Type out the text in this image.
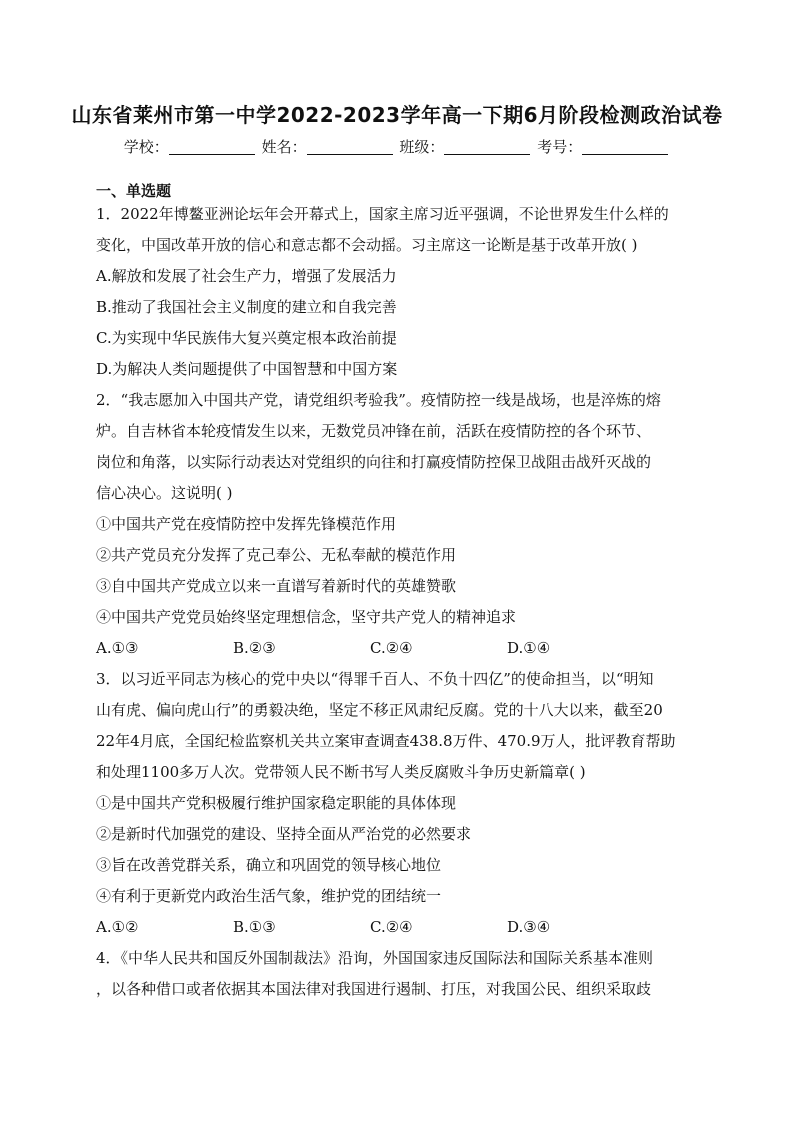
山东省莱州市第一中学2022-2023学年高一下期6月阶段检测政治试卷
学校：	姓名：	班级：	考号：
一、单选题
1．2022年博鳌亚洲论坛年会开幕式上，国家主席习近平强调，不论世界发生什么样的
变化，中国改革开放的信心和意志都不会动摇。习主席这一论断是基于改革开放( )
A.解放和发展了社会生产力，增强了发展活力
B.推动了我国社会主义制度的建立和自我完善
C.为实现中华民族伟大复兴奠定根本政治前提
D.为解决人类问题提供了中国智慧和中国方案
2．“我志愿加入中国共产党，请党组织考验我”。疫情防控一线是战场，也是淬炼的熔
炉。自吉林省本轮疫情发生以来，无数党员冲锋在前，活跃在疫情防控的各个环节、
岗位和角落，以实际行动表达对党组织的向往和打赢疫情防控保卫战阻击战歼灭战的
信心决心。这说明( )
①中国共产党在疫情防控中发挥先锋模范作用
②共产党员充分发挥了克己奉公、无私奉献的模范作用
③自中国共产党成立以来一直谱写着新时代的英雄赞歌
④中国共产党党员始终坚定理想信念，坚守共产党人的精神追求
A.①③	B.②③	C.②④	D.①④
3．以习近平同志为核心的党中央以“得罪千百人、不负十四亿”的使命担当，以“明知
山有虎、偏向虎山行”的勇毅决绝，坚定不移正风肃纪反腐。党的十八大以来，截至20
22年4月底，全国纪检监察机关共立案审查调查438.8万件、470.9万人，批评教育帮助
和处理1100多万人次。党带领人民不断书写人类反腐败斗争历史新篇章( )
①是中国共产党积极履行维护国家稳定职能的具体体现
②是新时代加强党的建设、坚持全面从严治党的必然要求
③旨在改善党群关系，确立和巩固党的领导核心地位
④有利于更新党内政治生活气象，维护党的团结统一
A.①②	B.①③	C.②④	D.③④
4．《中华人民共和国反外国制裁法》沿询，外国国家违反国际法和国际关系基本准则
，以各种借口或者依据其本国法律对我国进行遏制、打压，对我国公民、组织采取歧
